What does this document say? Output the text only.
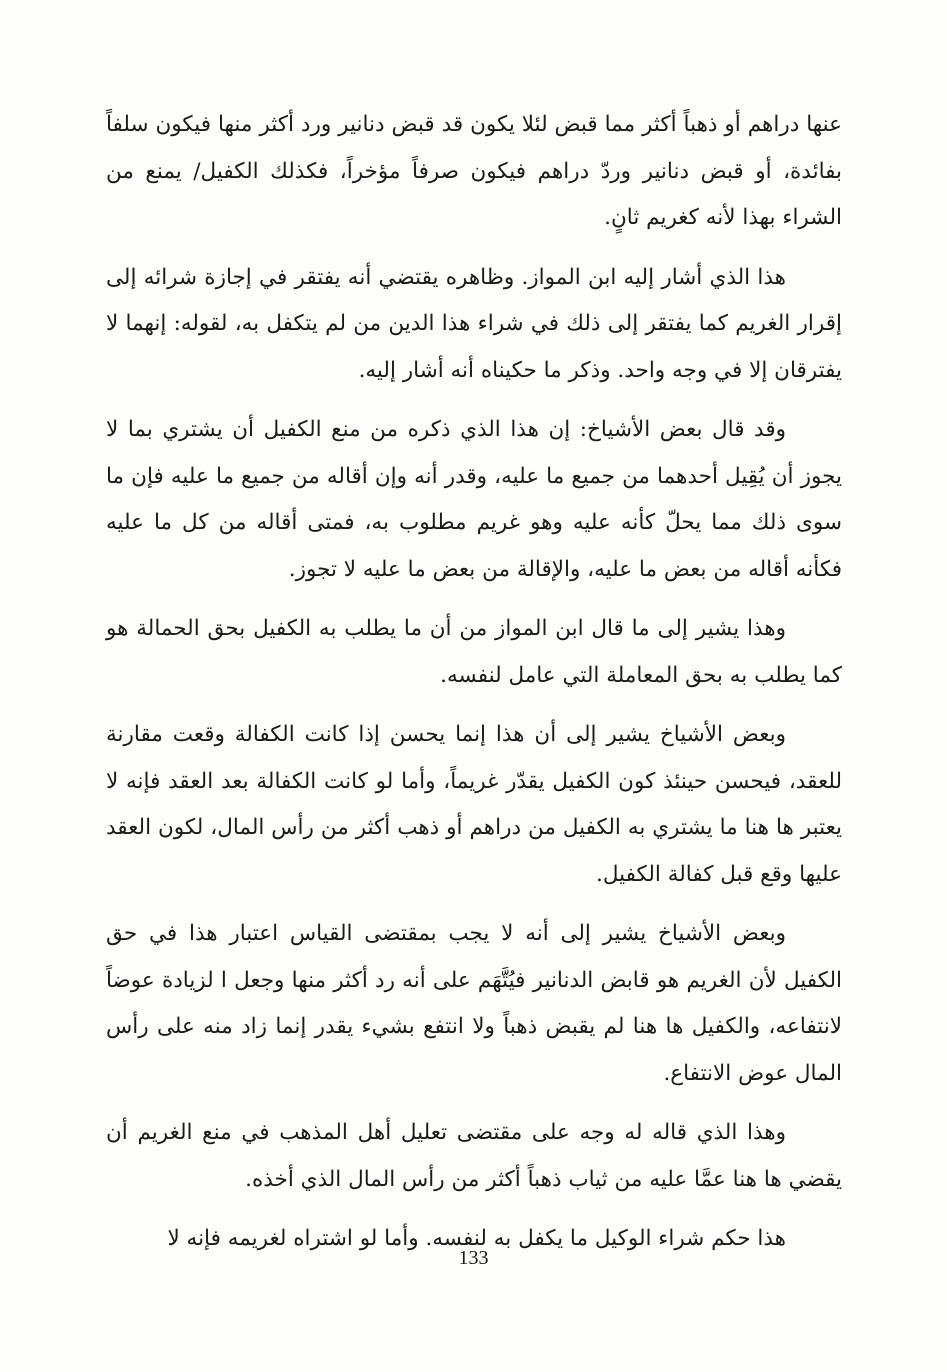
عنها دراهم أو ذهباً أكثر مما قبض لئلا يكون قد قبض دنانير ورد أكثر منها فيكون سلفاً بفائدة، أو قبض دنانير وردّ دراهم فيكون صرفاً مؤخراً، فكذلك الكفيل/ يمنع من الشراء بهذا لأنه كغريم ثانٍ.

هذا الذي أشار إليه ابن المواز. وظاهره يقتضي أنه يفتقر في إجازة شرائه إلى إقرار الغريم كما يفتقر إلى ذلك في شراء هذا الدين من لم يتكفل به، لقوله: إنهما لا يفترقان إلا في وجه واحد. وذكر ما حكيناه أنه أشار إليه.

وقد قال بعض الأشياخ: إن هذا الذي ذكره من منع الكفيل أن يشتري بما لا يجوز أن يُقِيل أحدهما من جميع ما عليه، وقدر أنه وإن أقاله من جميع ما عليه فإن ما سوى ذلك مما يحلّ كأنه عليه وهو غريم مطلوب به، فمتى أقاله من كل ما عليه فكأنه أقاله من بعض ما عليه، والإقالة من بعض ما عليه لا تجوز.

وهذا يشير إلى ما قال ابن المواز من أن ما يطلب به الكفيل بحق الحمالة هو كما يطلب به بحق المعاملة التي عامل لنفسه.

وبعض الأشياخ يشير إلى أن هذا إنما يحسن إذا كانت الكفالة وقعت مقارنة للعقد، فيحسن حينئذ كون الكفيل يقدّر غريماً، وأما لو كانت الكفالة بعد العقد فإنه لا يعتبر ها هنا ما يشتري به الكفيل من دراهم أو ذهب أكثر من رأس المال، لكون العقد عليها وقع قبل كفالة الكفيل.

وبعض الأشياخ يشير إلى أنه لا يجب بمقتضى القياس اعتبار هذا في حق الكفيل لأن الغريم هو قابض الدنانير فيُتَّهَم على أنه رد أكثر منها وجعل ا لزيادة عوضاً لانتفاعه، والكفيل ها هنا لم يقبض ذهباً ولا انتفع بشيء يقدر إنما زاد منه على رأس المال عوض الانتفاع.

وهذا الذي قاله له وجه على مقتضى تعليل أهل المذهب في منع الغريم أن يقضي ها هنا عمَّا عليه من ثياب ذهباً أكثر من رأس المال الذي أخذه.

هذا حكم شراء الوكيل ما يكفل به لنفسه. وأما لو اشتراه لغريمه فإنه لا

133
